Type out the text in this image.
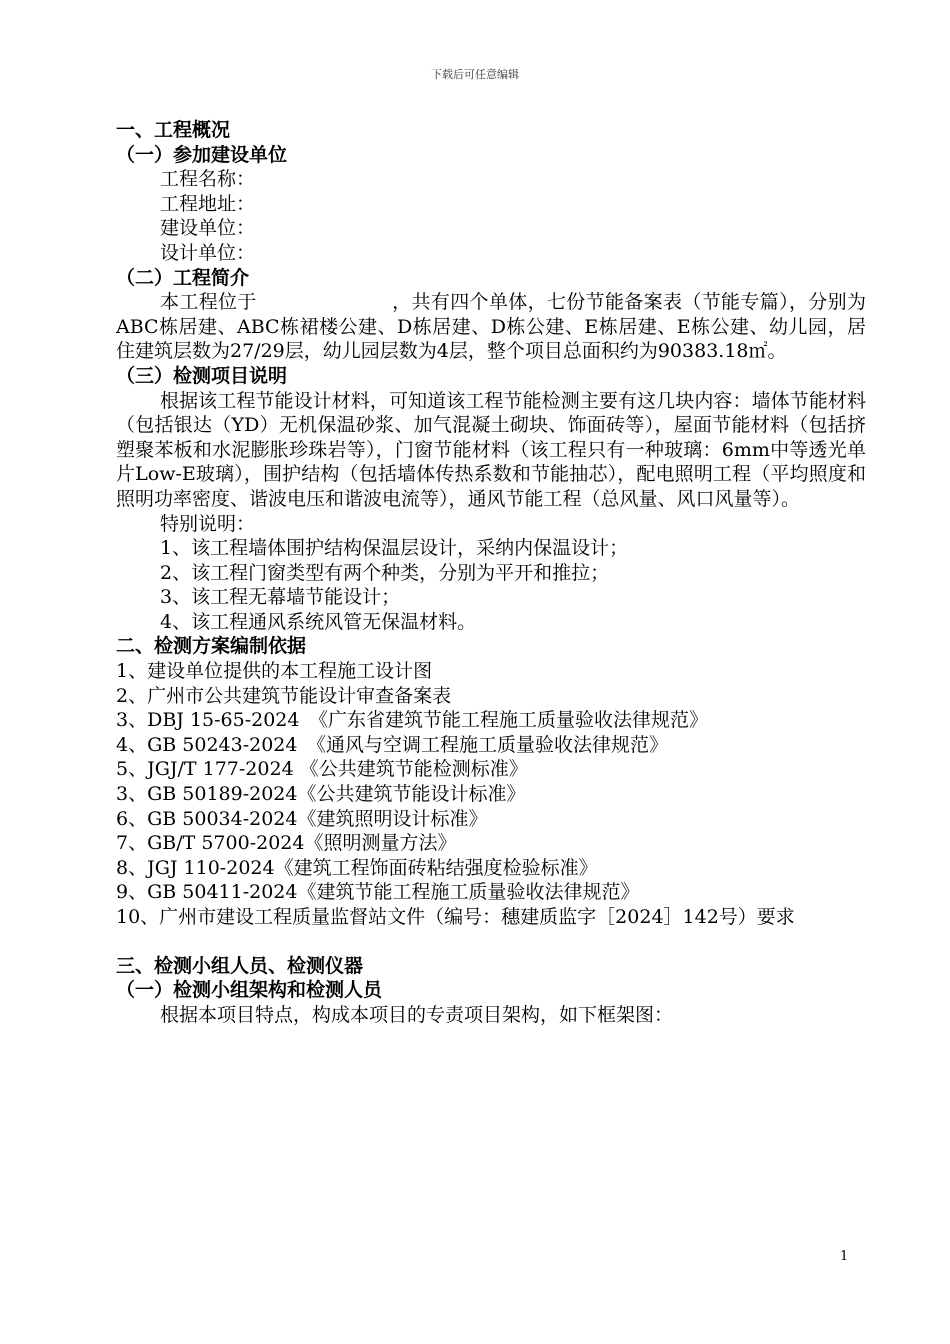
下载后可任意编辑
一、工程概况
（一）参加建设单位
工程名称：
工程地址：
建设单位：
设计单位：
（二）工程简介
本工程位于　　　　　　　，共有四个单体，七份节能备案表（节能专篇），分别为ABC栋居建、ABC栋裙楼公建、D栋居建、D栋公建、E栋居建、E栋公建、幼儿园，居住建筑层数为27/29层，幼儿园层数为4层，整个项目总面积约为90383.18㎡。
（三）检测项目说明
根据该工程节能设计材料，可知道该工程节能检测主要有这几块内容：墙体节能材料（包括银达（YD）无机保温砂浆、加气混凝土砌块、饰面砖等），屋面节能材料（包括挤塑聚苯板和水泥膨胀珍珠岩等），门窗节能材料（该工程只有一种玻璃：6mm中等透光单片Low-E玻璃），围护结构（包括墙体传热系数和节能抽芯），配电照明工程（平均照度和照明功率密度、谐波电压和谐波电流等），通风节能工程（总风量、风口风量等）。
特别说明：
1、该工程墙体围护结构保温层设计，采纳内保温设计；
2、该工程门窗类型有两个种类，分别为平开和推拉；
3、该工程无幕墙节能设计；
4、该工程通风系统风管无保温材料。
二、检测方案编制依据
1、建设单位提供的本工程施工设计图
2、广州市公共建筑节能设计审查备案表
3、DBJ 15-65-2024　《广东省建筑节能工程施工质量验收法律规范》
4、GB 50243-2024　《通风与空调工程施工质量验收法律规范》
5、JGJ/T 177-2024 《公共建筑节能检测标准》
3、GB 50189-2024《公共建筑节能设计标准》
6、GB 50034-2024《建筑照明设计标准》
7、GB/T 5700-2024《照明测量方法》
8、JGJ 110-2024《建筑工程饰面砖粘结强度检验标准》
9、GB 50411-2024《建筑节能工程施工质量验收法律规范》
10、广州市建设工程质量监督站文件（编号：穗建质监字［2024］142号）要求
三、检测小组人员、检测仪器
（一）检测小组架构和检测人员
根据本项目特点，构成本项目的专责项目架构，如下框架图：
1
